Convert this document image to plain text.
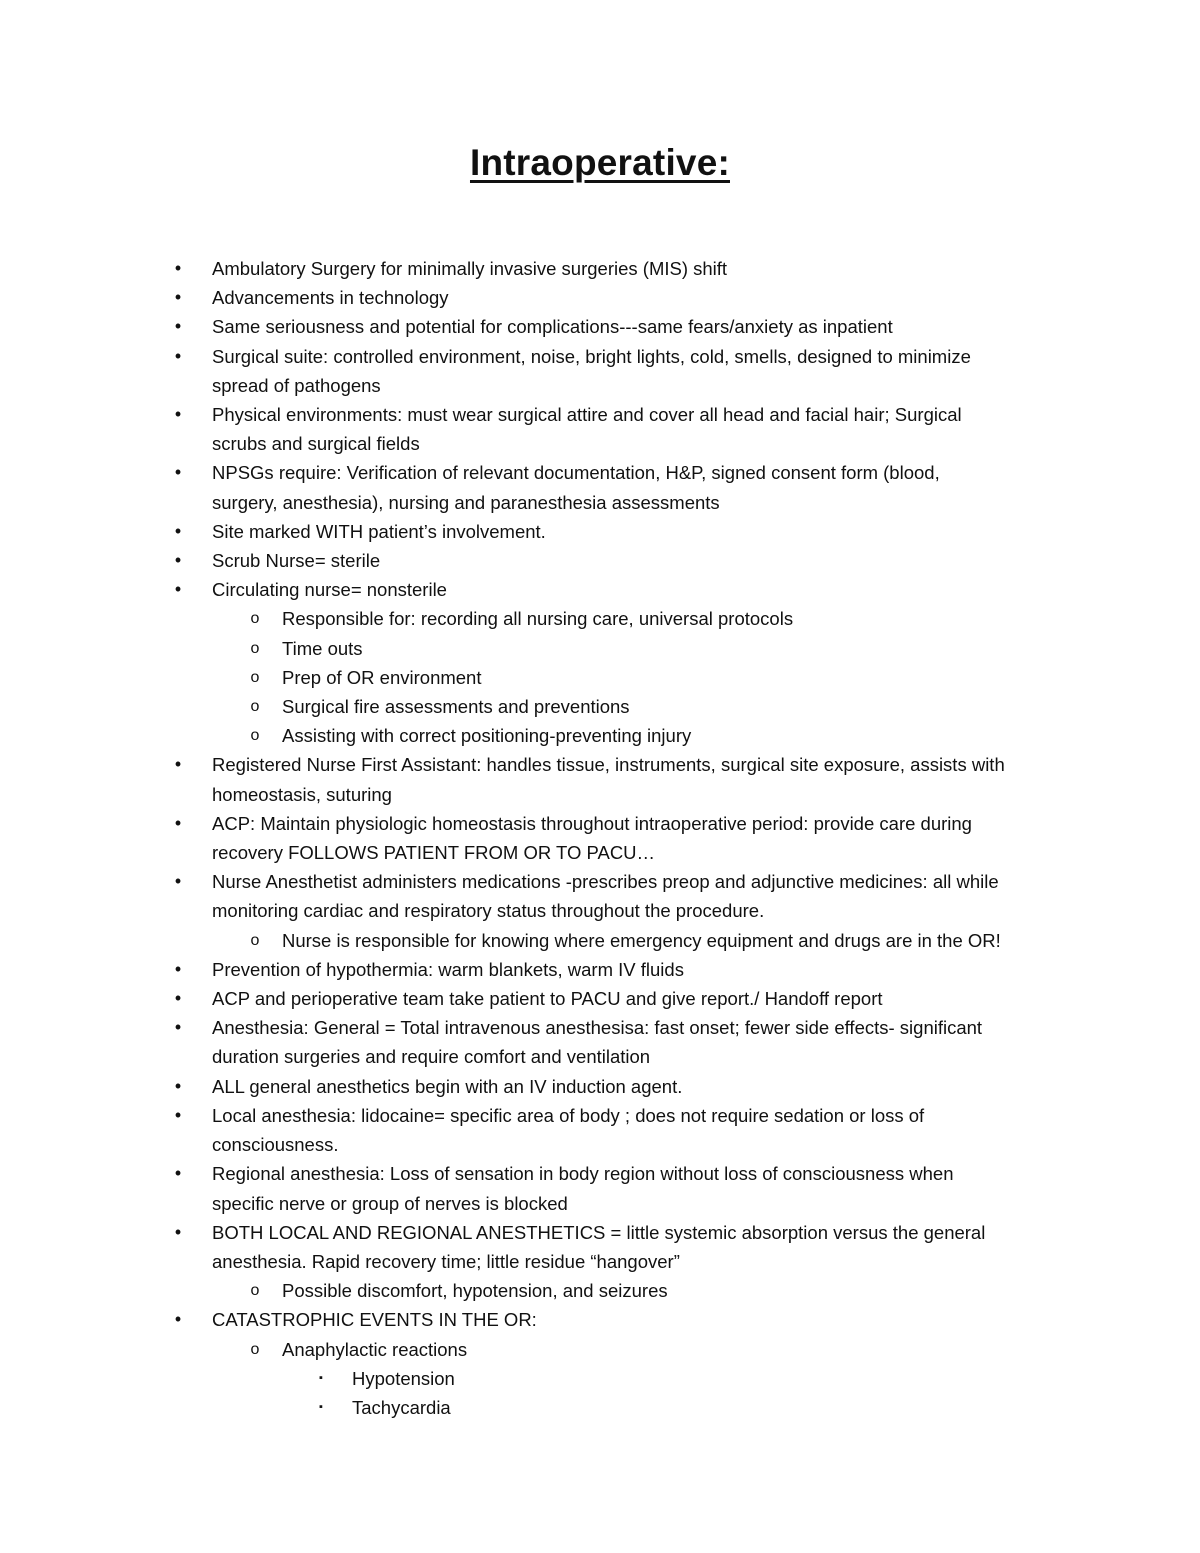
Intraoperative:
•	Ambulatory Surgery for minimally invasive surgeries (MIS) shift
•	Advancements in technology
•	Same seriousness and potential for complications---same fears/anxiety as inpatient
•	Surgical suite: controlled environment, noise, bright lights, cold, smells, designed to minimize
spread of pathogens
•	Physical environments: must wear surgical attire and cover all head and facial hair; Surgical
scrubs and surgical fields
•	NPSGs require: Verification of relevant documentation, H&P, signed consent form (blood,
surgery, anesthesia), nursing and paranesthesia assessments
•	Site marked WITH patient’s involvement.
•	Scrub Nurse= sterile
•	Circulating nurse= nonsterile
o Responsible for: recording all nursing care, universal protocols
o Time outs
o Prep of OR environment
o Surgical fire assessments and preventions
o Assisting with correct positioning-preventing injury
•	Registered Nurse First Assistant: handles tissue, instruments, surgical site exposure, assists with
homeostasis, suturing
•	ACP: Maintain physiologic homeostasis throughout intraoperative period: provide care during
recovery FOLLOWS PATIENT FROM OR TO PACU…
•	Nurse Anesthetist administers medications -prescribes preop and adjunctive medicines: all while
monitoring cardiac and respiratory status throughout the procedure.
o Nurse is responsible for knowing where emergency equipment and drugs are in the OR!
•	Prevention of hypothermia: warm blankets, warm IV fluids
•	ACP and perioperative team take patient to PACU and give report./ Handoff report
•	Anesthesia: General = Total intravenous anesthesisa: fast onset; fewer side effects- significant
duration surgeries and require comfort and ventilation
•	ALL general anesthetics begin with an IV induction agent.
•	Local anesthesia: lidocaine= specific area of body ; does not require sedation or loss of
consciousness.
•	Regional anesthesia: Loss of sensation in body region without loss of consciousness when
specific nerve or group of nerves is blocked
•	BOTH LOCAL AND REGIONAL ANESTHETICS = little systemic absorption versus the general
anesthesia. Rapid recovery time; little residue “hangover”
o Possible discomfort, hypotension, and seizures
•	CATASTROPHIC EVENTS IN THE OR:
o Anaphylactic reactions
▪	Hypotension
▪	Tachycardia
